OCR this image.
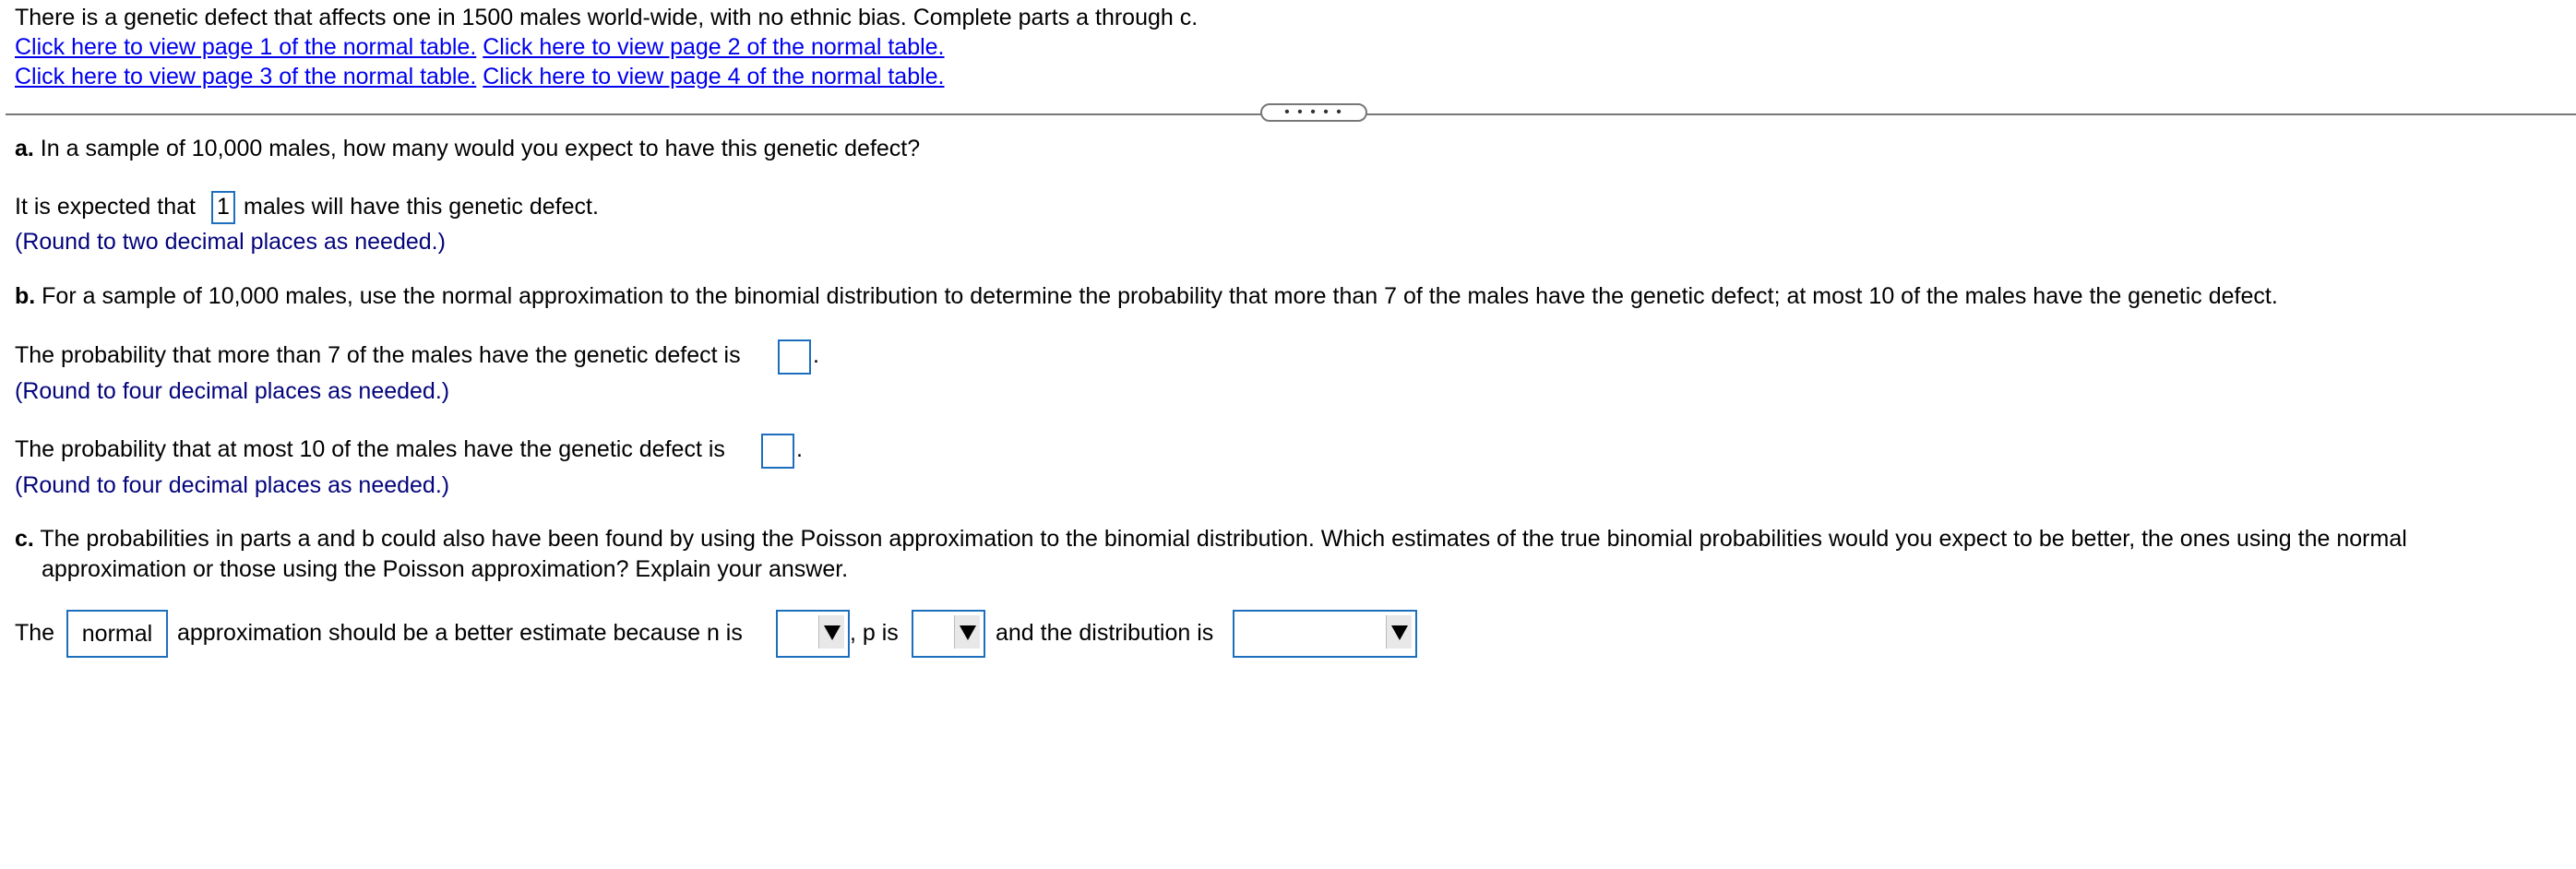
There is a genetic defect that affects one in 1500 males world-wide, with no ethnic bias. Complete parts a through c.
Click here to view page 1 of the normal table. Click here to view page 2 of the normal table.
Click here to view page 3 of the normal table. Click here to view page 4 of the normal table.
• • • • •
a. In a sample of 10,000 males, how many would you expect to have this genetic defect?
It is expected that 1 males will have this genetic defect.
(Round to two decimal places as needed.)
b. For a sample of 10,000 males, use the normal approximation to the binomial distribution to determine the probability that more than 7 of the males have the genetic defect; at most 10 of the males have the genetic defect.
The probability that more than 7 of the males have the genetic defect is	.
(Round to four decimal places as needed.)
The probability that at most 10 of the males have the genetic defect is	.
(Round to four decimal places as needed.)
c. The probabilities in parts a and b could also have been found by using the Poisson approximation to the binomial distribution. Which estimates of the true binomial probabilities would you expect to be better, the ones using the normal
approximation or those using the Poisson approximation? Explain your answer.
The	normal	approximation should be a better estimate because n is	, p is	and the distribution is
